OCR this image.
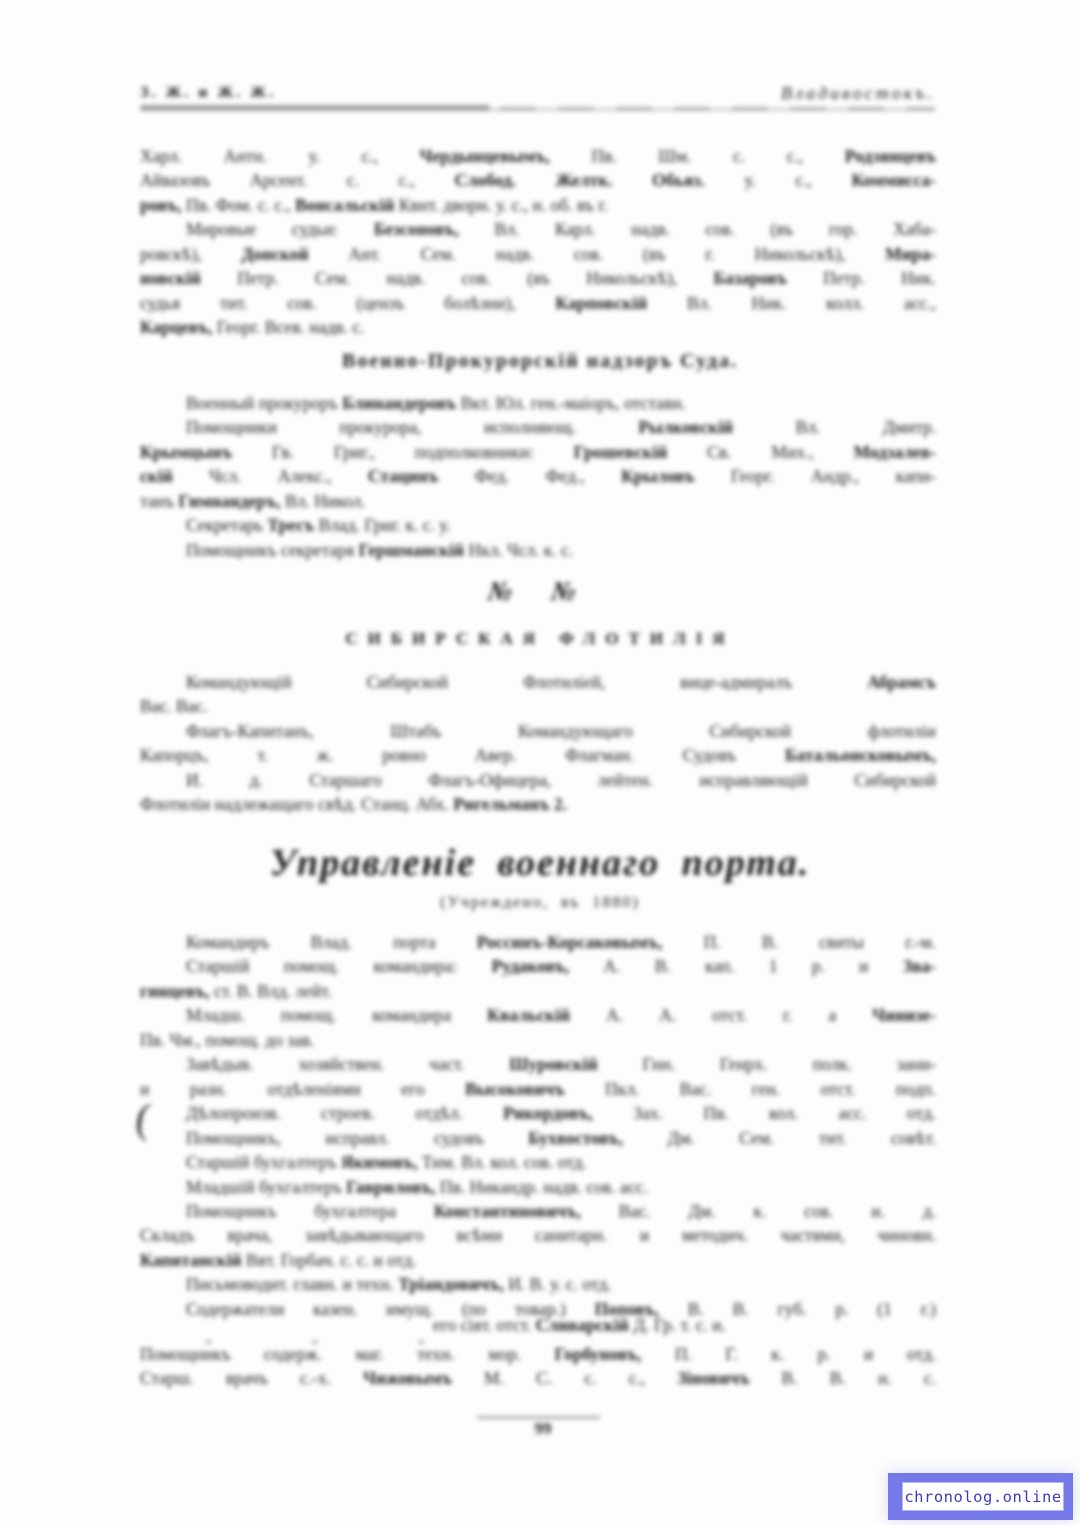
З. Ж. и Ж. Ж.	Владивостокъ.
Харл. Антн. у. с., Чердынцевымъ, Пв. Шм. с. с., Родзянцевъ
Айвазовъ Арсент. с. с., Слобод. Желтк. Обьяз. у. с., Коммисса-
ровъ, Пв. Фом. с. с., Вонсальскій Квнт. дворн. у. с., н. об. въ г.
Мировые судьи: Безсоновъ, Вл. Карл. надв. сов. (въ гор. Хаба-
ровскѣ), Донской Ант. Сем. надв. сов. (въ г. Никольскѣ), Мира-
новскій Петр. Сем. надв. сов. (въ Никольскѣ), Базаровъ Петр. Ник.
судья тит. сов. (цензъ болѣзни), Карповскій Вл. Ник. колл. асс.,
Карцевъ, Георг. Всев. надв. с.
Военно-Прокурорскій надзоръ Суда.
Военный прокуроръ Блинандеровъ Вкт. Юл. ген.-маіоръ, отставн.
Помощники прокурора, исполняющ. Рылковскій Вл. Дмитр.
Крымцынъ Гв. Григ., подполковники: Грошевскій Св. Мих., Модзалев-
скій Чсл. Алекс., Стацинъ Фед. Фед., Крыловъ Георг. Андр., капи-
танъ Гимнандеръ, Вл. Никол.
Секретарь Тресъ Влад. Григ. к. с. у.
Помощникъ секретаря Гершманскій Нкл. Чсл. к. с.
№ №
СИБИРСКАЯ ФЛОТИЛІЯ
Командующій Сибирской Флотиліей, вице-адмиралъ Абрамсъ
Вас. Вас.
Флагъ-Капитанъ, Штабъ Командующаго Сибирской флотиліи
Капорцъ, т. ж. ровно Авер. Флагман. Судовъ Батальонсковымъ,
И. д. Старшаго Флагъ-Офицера, лейтен. исправляющій Сибирской
Флотиліи надлежащаго свѣд. Станц. Абх. Ригельманъ 2.
Управленіе военнаго порта.
(Учреждено, въ 1880)
Командиръ Влад. порта Россинъ-Корсаковымъ, П. В. свиты г.-м.
Старшій помощ. командира: Рудаковъ, А. В. кап. 1 р. и Зва-
гинцевъ, ст. В. Влд. лейт.
Младш. помощ. командира Квальскій А. А. отст. г. а Чинизе-
Пв. Чм., помощ. до зав.
Завѣдыв. хозяйствен. част. Шуровскій Гнн. Генрх. полк. зани-
и разн. отдѣленіями его Высоковичъ Пкл. Вас. ген. отст. подп.
Дѣлопроизв. строев. отдѣл. Рикордовъ, Зах. Пв. кол. асс. отд.
Помощникъ, исправл. судовъ Бухвостовъ, Дм. Сем. тит. совѣт.
Старшій бухгалтеръ Якимовъ, Тим. Вл. кол. сов. отд.
Младшій бухгалтеръ Гавриловъ, Пв. Никандр. надв. сов. асс.
Помощникъ бухгалтера Константиновичъ, Вас. Дм. к. сов. и. д.
Складъ врача, завѣдывающаго всѣми санитарн. и методич. частями, чиновн.
Капитанскій Вят. Горбач. с. с. и отд.
Письмоводит. главн. и техн. Тріандовичъ, И. В. у. с. отд.
Содержатели казен. имущ. (по товар.) Поповъ, В. В. губ. р. (1 г.)
(
его сіят. отст. Сливарскій Д. Гр. т. с. и.
„ „ „
Помощникъ содерж. маг. техн. мор. Горбуновъ, П. Г. к. р. и отд.
Старш. врачъ с.-х. Чижовымъ М. С. с. с., Зіновичъ В. В. н. с.
99
chronolog.online
